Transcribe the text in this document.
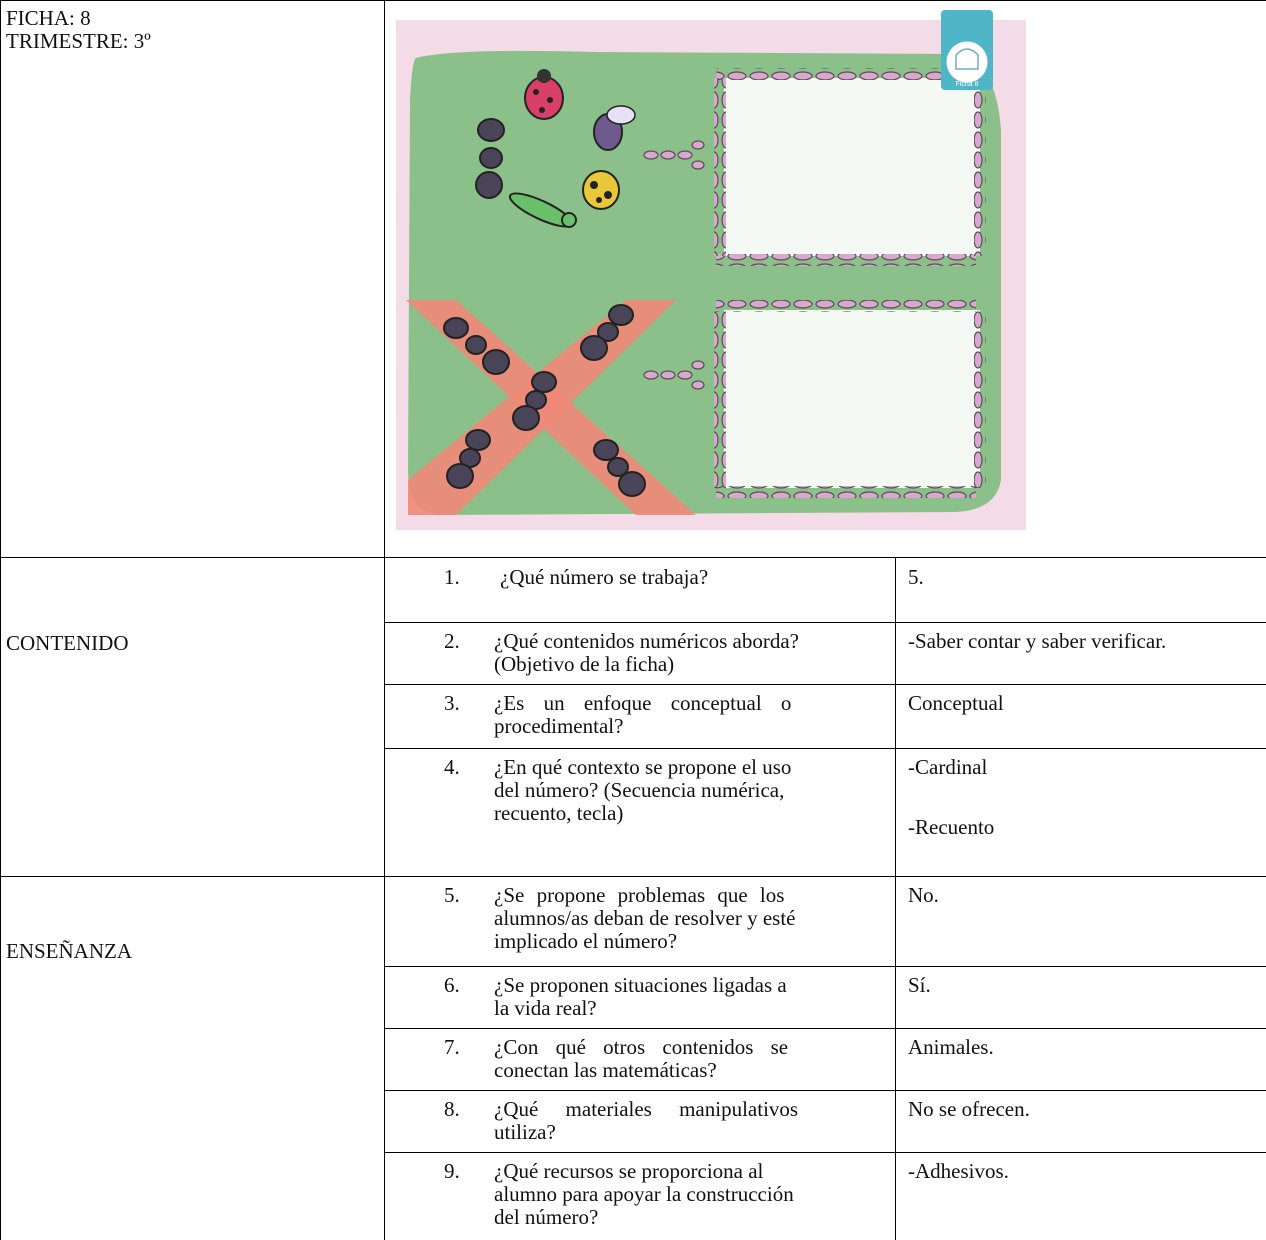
FICHA: 8
TRIMESTRE: 3º
Ficha 8
CONTENIDO
ENSEÑANZA
1. ¿Qué número se trabaja?
2. ¿Qué contenidos numéricos aborda?
(Objetivo de la ficha)
3. ¿Es un enfoque conceptual o
procedimental?
4. ¿En qué contexto se propone el uso
del número? (Secuencia numérica,
recuento, tecla)
5. ¿Se propone problemas que los
alumnos/as deban de resolver y esté
implicado el número?
6. ¿Se proponen situaciones ligadas a
la vida real?
7. ¿Con qué otros contenidos se
conectan las matemáticas?
8. ¿Qué materiales manipulativos
utiliza?
9. ¿Qué recursos se proporciona al
alumno para apoyar la construcción
del número?
5.
-Saber contar y saber verificar.
Conceptual
-Cardinal
-Recuento
No.
Sí.
Animales.
No se ofrecen.
-Adhesivos.
